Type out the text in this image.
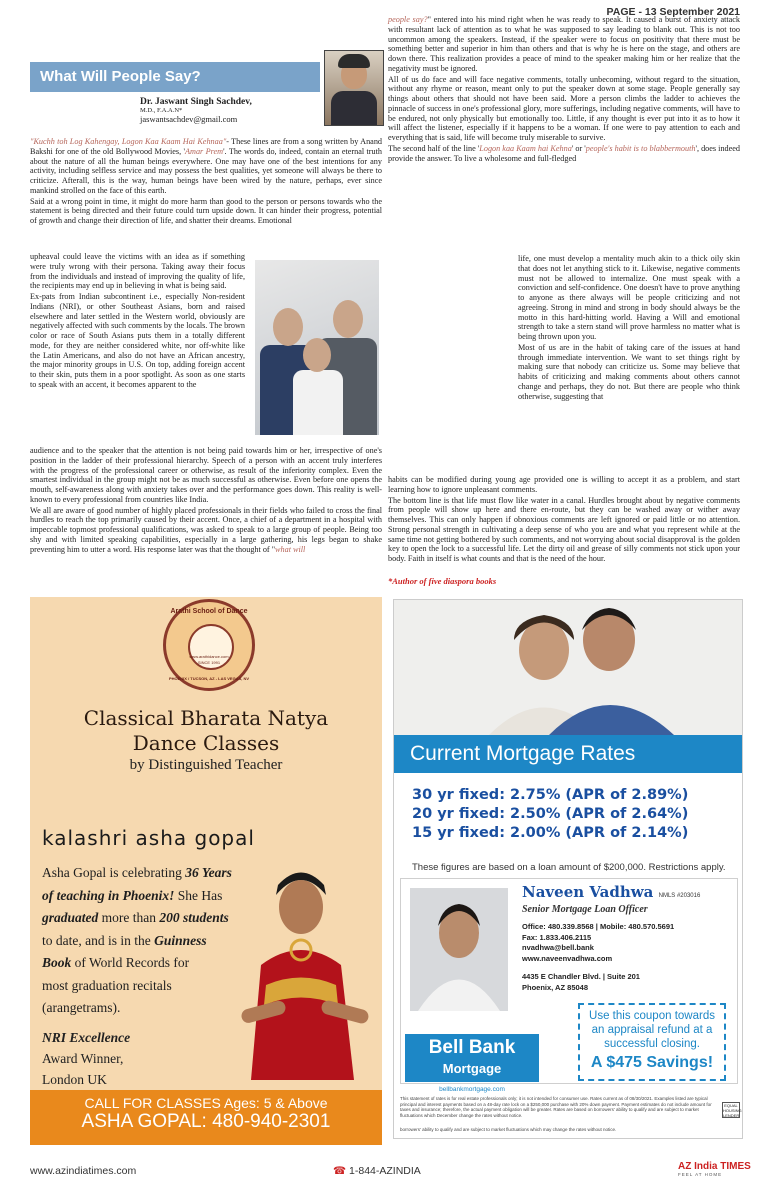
PAGE - 13 September 2021
What Will People Say?
Dr. Jaswant Singh Sachdev,
M.D., F.A.A.N*
jaswantsachdev@gmail.com

"Kuchh toh Log Kahengay, Logon Kaa Kaam Hai Kehnaa"- These lines are from a song written by Anand Bakshi for one of the old Bollywood Movies, 'Amar Prem'. The words do, indeed, contain an eternal truth about the nature of all the human beings everywhere. One may have one of the best intentions for any activity, including selfless service and may possess the best qualities, yet someone will always be there to criticize. Afterall, this is the way, human beings have been wired by the nature, perhaps, ever since mankind strolled on the face of this earth.

Said at a wrong point in time, it might do more harm than good to the person or persons towards who the statement is being directed and their future could turn upside down. It can hinder their progress, potential of growth and change their direction of life, and shatter their dreams. Emotional

upheaval could leave the victims with an idea as if something were truly wrong with their persona. Taking away their focus from the individuals and instead of improving the quality of life, the recipients may end up in believing in what is being said.

Ex-pats from Indian subcontinent i.e., especially Non-resident Indians (NRI), or other Southeast Asians, born and raised elsewhere and later settled in the Western world, obviously are negatively affected with such comments by the locals. The brown color or race of South Asians puts them in a totally different mode, for they are neither considered white, nor off-white like the Latin Americans, and also do not have an African ancestry, the major minority groups in U.S. On top, adding foreign accent to their skin, puts them in a poor spotlight. As soon as one starts to speak with an accent, it becomes apparent to the

audience and to the speaker that the attention is not being paid towards him or her, irrespective of one's position in the ladder of their professional hierarchy. Speech of a person with an accent truly interferes with the progress of the professional career or otherwise, as result of the inferiority complex. Even the smartest individual in the group might not be as much successful as otherwise. Even before one opens the mouth, self-awareness along with anxiety takes over and the performance goes down. This reality is well-known to every professional from countries like India.

We all are aware of good number of highly placed professionals in their fields who failed to cross the final hurdles to reach the top primarily caused by their accent. Once, a chief of a department in a hospital with impeccable topmost professional qualifications, was asked to speak to a large group of people. Being too shy and with limited speaking capabilities, especially in a large gathering, his legs began to shake preventing him to utter a word. His response later was that the thought of "what will

people say?" entered into his mind right when he was ready to speak. It caused a burst of anxiety attack with resultant lack of attention as to what he was supposed to say leading to blank out. This is not too uncommon among the speakers. Instead, if the speaker were to focus on positivity that there must be something better and superior in him than others and that is why he is here on the stage, and others are down there. This realization provides a peace of mind to the speaker making him or her realize that the negativity must be ignored.

All of us do face and will face negative comments, totally unbecoming, without regard to the situation, without any rhyme or reason, meant only to put the speaker down at some stage. People generally say things about others that should not have been said. More a person climbs the ladder to achieves the pinnacle of success in one's professional glory, more sufferings, including negative comments, will have to be endured, not only physically but emotionally too. Little, if any thought is ever put into it as to how it will affect the listener, especially if it happens to be a woman. If one were to pay attention to each and everything that is said, life will become truly miserable to survive.

The second half of the line 'Logon kaa Kaam hai Kehna' or 'people's habit is to blabbermouth', does indeed provide the answer. To live a wholesome and full-fledged

life, one must develop a mentality much akin to a thick oily skin that does not let anything stick to it. Likewise, negative comments must not be allowed to internalize. One must speak with a conviction and self-confidence. One doesn't have to prove anything to anyone as there always will be people criticizing and not agreeing. Strong in mind and strong in body should always be the motto in this hard-hitting world. Having a Will and emotional strength to take a stern stand will prove harmless no matter what is being thrown upon you.

Most of us are in the habit of taking care of the issues at hand through immediate intervention. We want to set things right by making sure that nobody can criticize us. Some may believe that habits of criticizing and making comments about others cannot change and perhaps, they do not. But there are people who think otherwise, suggesting that

habits can be modified during young age provided one is willing to accept it as a problem, and start learning how to ignore unpleasant comments.

The bottom line is that life must flow like water in a canal. Hurdles brought about by negative comments from people will show up here and there en-route, but they can be washed away or wither away themselves. This can only happen if obnoxious comments are left ignored or paid little or no attention. Strong personal strength in cultivating a deep sense of who you are and what you represent while at the same time not getting bothered by such comments, and not worrying about social disapproval is the golden key to open the lock to a successful life. Let the dirty oil and grease of silly comments not stick upon your body. Faith in itself is what counts and that is the need of the hour.

*Author of five diaspora books
Arathi School of Dance
www.arathidance.com
SINCE 1991
PHOENIX / TUCSON, AZ - LAS VEGAS, NV
Classical Bharata Natya
Dance Classes
by Distinguished Teacher
kalashri asha gopal
Asha Gopal is celebrating 36 Years
of teaching in Phoenix! She Has
graduated more than 200 students
to date, and is in the Guinness
Book of World Records for
most graduation recitals
(arangetrams).
NRI Excellence
Award Winner,
London UK
CALL FOR CLASSES Ages: 5 & Above
ASHA GOPAL: 480-940-2301
Current Mortgage Rates
30 yr fixed: 2.75% (APR of 2.89%)
20 yr fixed: 2.50% (APR of 2.64%)
15 yr fixed: 2.00% (APR of 2.14%)
These figures are based on a loan amount of $200,000. Restrictions apply.
Naveen Vadhwa NMLS #203016
Senior Mortgage Loan Officer
Office: 480.339.8568 | Mobile: 480.570.5691
Fax: 1.833.406.2115
nvadhwa@bell.bank
www.naveenvadhwa.com
4435 E Chandler Blvd. | Suite 201
Phoenix, AZ 85048
Bell Bank
Mortgage
bellbankmortgage.com
Use this coupon towards
an appraisal refund at a
successful closing.
A $475 Savings!
This statement of rates is for real estate professionals only; it is not intended for consumer use. Rates current as of 08/30/2021. Examples listed are typical principal and interest payments based on a 48-day rate lock on a $250,000 purchase with 20% down payment. Payment estimates do not include amount for taxes and insurance; therefore, the actual payment obligation will be greater. Rates are based on borrowers' ability to qualify and are subject to market fluctuations which December change the rates without notice.
borrowers' ability to qualify and are subject to market fluctuations which may change the rates without notice.
EQUAL HOUSING LENDER
www.azindiatimes.com	☎ 1-844-AZINDIA	AZ India TIMES
FEEL AT HOME
